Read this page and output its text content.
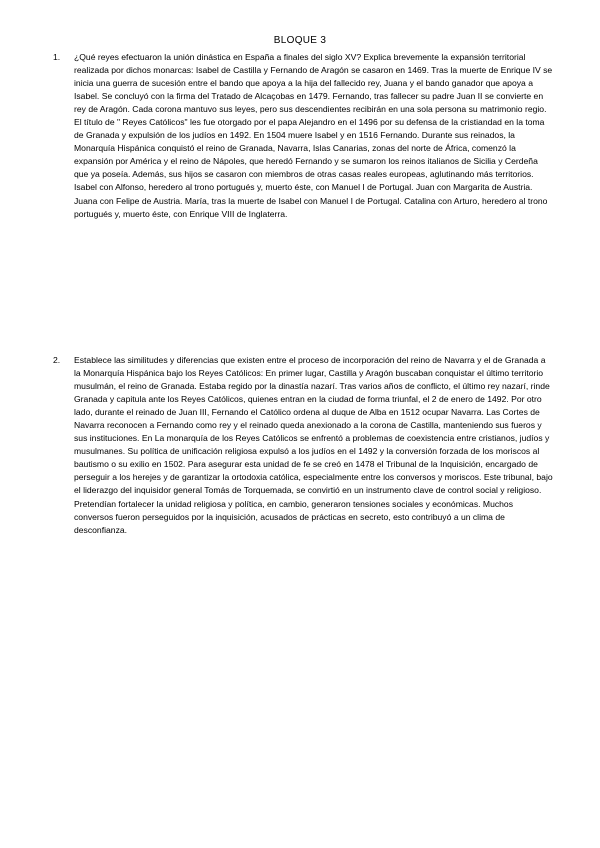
BLOQUE 3
1.	¿Qué reyes efectuaron la unión dinástica en España a finales del siglo XV? Explica brevemente la expansión territorial realizada por dichos monarcas: Isabel de Castilla y Fernando de Aragón se casaron en 1469. Tras la muerte de Enrique IV se inicia una guerra de sucesión entre el bando que apoya a la hija del fallecido rey, Juana y el bando ganador que apoya a Isabel. Se concluyó con la firma del Tratado de Alcaçobas en 1479. Fernando, tras fallecer su padre Juan II se convierte en rey de Aragón. Cada corona mantuvo sus leyes, pero sus descendientes recibirán en una sola persona su matrimonio regio. El título de " Reyes Católicos" les fue otorgado por el papa Alejandro en el 1496 por su defensa de la cristiandad en la toma de Granada y expulsión de los judíos en 1492. En 1504 muere Isabel y en 1516 Fernando. Durante sus reinados, la Monarquía Hispánica conquistó el reino de Granada, Navarra, Islas Canarias, zonas del norte de África, comenzó la expansión por América y el reino de Nápoles, que heredó Fernando y se sumaron los reinos italianos de Sicilia y Cerdeña que ya poseía. Además, sus hijos se casaron con miembros de otras casas reales europeas, aglutinando más territorios. Isabel con Alfonso, heredero al trono portugués y, muerto éste, con Manuel I de Portugal. Juan con Margarita de Austria. Juana con Felipe de Austria. María, tras la muerte de Isabel con Manuel I de Portugal. Catalina con Arturo, heredero al trono portugués y, muerto éste, con Enrique VIII de Inglaterra.
2.	Establece las similitudes y diferencias que existen entre el proceso de incorporación del reino de Navarra y el de Granada a la Monarquía Hispánica bajo los Reyes Católicos: En primer lugar, Castilla y Aragón buscaban conquistar el último territorio musulmán, el reino de Granada. Estaba regido por la dinastía nazarí. Tras varios años de conflicto, el último rey nazarí, rinde Granada y capitula ante los Reyes Católicos, quienes entran en la ciudad de forma triunfal, el 2 de enero de 1492. Por otro lado, durante el reinado de Juan III, Fernando el Católico ordena al duque de Alba en 1512 ocupar Navarra. Las Cortes de Navarra reconocen a Fernando como rey y el reinado queda anexionado a la corona de Castilla, manteniendo sus fueros y sus instituciones. En La monarquía de los Reyes Católicos se enfrentó a problemas de coexistencia entre cristianos, judíos y musulmanes. Su política de unificación religiosa expulsó a los judíos en el 1492 y la conversión forzada de los moriscos al bautismo o su exilio en 1502. Para asegurar esta unidad de fe se creó en 1478 el Tribunal de la Inquisición, encargado de perseguir a los herejes y de garantizar la ortodoxia católica, especialmente entre los conversos y moriscos. Este tribunal, bajo el liderazgo del inquisidor general Tomás de Torquemada, se convirtió en un instrumento clave de control social y religioso. Pretendían fortalecer la unidad religiosa y política, en cambio, generaron tensiones sociales y económicas. Muchos conversos fueron perseguidos por la inquisición, acusados de prácticas en secreto, esto contribuyó a un clima de desconfianza.
